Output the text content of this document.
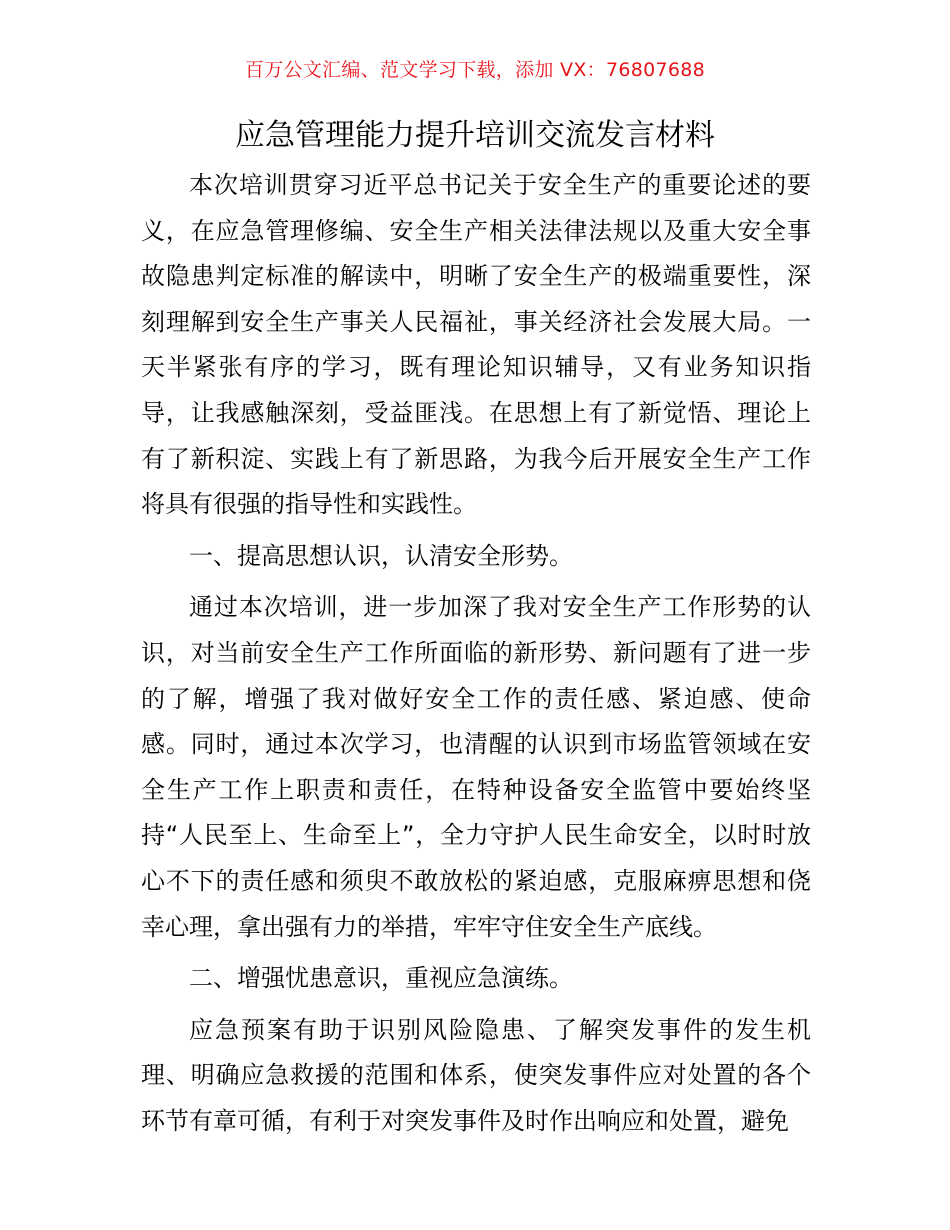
百万公文汇编、范文学习下载，添加 VX：76807688
应急管理能力提升培训交流发言材料

本次培训贯穿习近平总书记关于安全生产的重要论述的要义，在应急管理修编、安全生产相关法律法规以及重大安全事故隐患判定标准的解读中，明晰了安全生产的极端重要性，深刻理解到安全生产事关人民福祉，事关经济社会发展大局。一天半紧张有序的学习，既有理论知识辅导，又有业务知识指导，让我感触深刻，受益匪浅。在思想上有了新觉悟、理论上有了新积淀、实践上有了新思路，为我今后开展安全生产工作将具有很强的指导性和实践性。

一、提高思想认识，认清安全形势。

通过本次培训，进一步加深了我对安全生产工作形势的认识，对当前安全生产工作所面临的新形势、新问题有了进一步的了解，增强了我对做好安全工作的责任感、紧迫感、使命感。同时，通过本次学习，也清醒的认识到市场监管领域在安全生产工作上职责和责任，在特种设备安全监管中要始终坚持“人民至上、生命至上”，全力守护人民生命安全，以时时放心不下的责任感和须臾不敢放松的紧迫感，克服麻痹思想和侥幸心理，拿出强有力的举措，牢牢守住安全生产底线。

二、增强忧患意识，重视应急演练。

应急预案有助于识别风险隐患、了解突发事件的发生机理、明确应急救援的范围和体系，使突发事件应对处置的各个环节有章可循，有利于对突发事件及时作出响应和处置，避免
